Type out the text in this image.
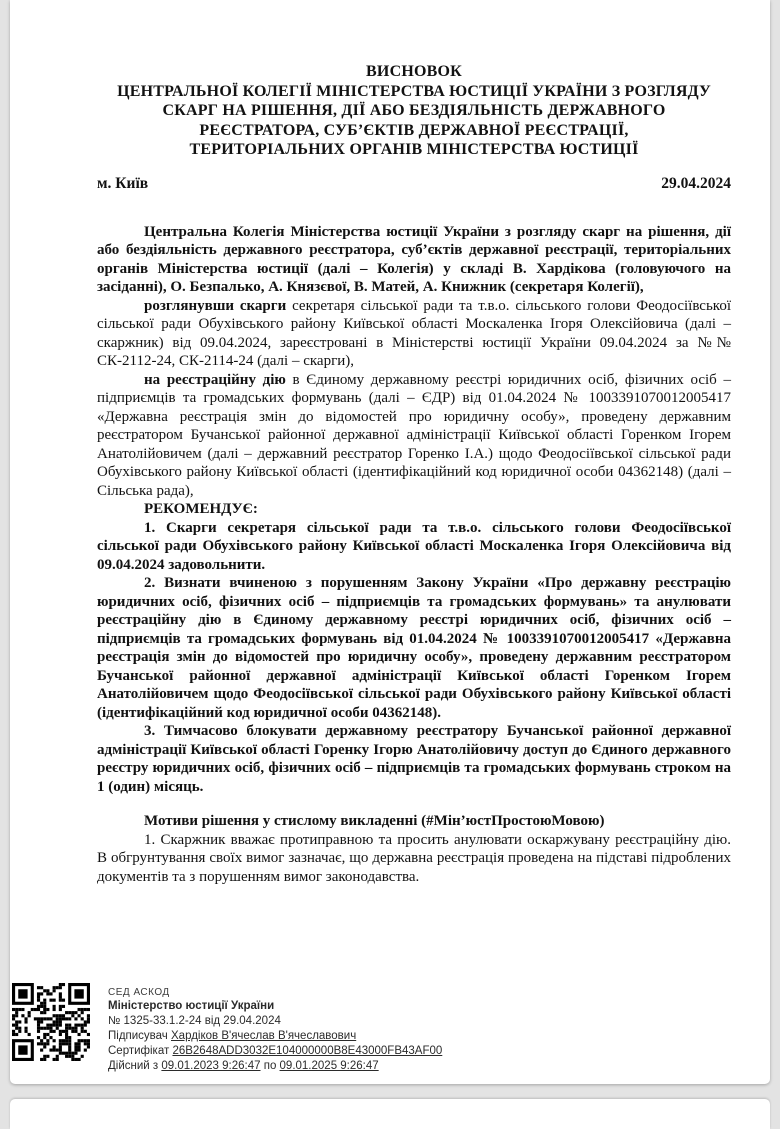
ВИСНОВОК
ЦЕНТРАЛЬНОЇ КОЛЕГІЇ МІНІСТЕРСТВА ЮСТИЦІЇ УКРАЇНИ З РОЗГЛЯДУ
СКАРГ НА РІШЕННЯ, ДІЇ АБО БЕЗДІЯЛЬНІСТЬ ДЕРЖАВНОГО
РЕЄСТРАТОРА, СУБ’ЄКТІВ ДЕРЖАВНОЇ РЕЄСТРАЦІЇ,
ТЕРИТОРІАЛЬНИХ ОРГАНІВ МІНІСТЕРСТВА ЮСТИЦІЇ
м. Київ	29.04.2024

Центральна Колегія Міністерства юстиції України з розгляду скарг на рішення, дії або бездіяльність державного реєстратора, суб’єктів державної реєстрації, територіальних органів Міністерства юстиції (далі – Колегія) у складі В. Хардікова (головуючого на засіданні), О. Безпалько, А. Князєвої, В. Матей, А. Книжник (секретаря Колегії),

розглянувши скарги секретаря сільської ради та т.в.о. сільського голови Феодосіївської сільської ради Обухівського району Київської області Москаленка Ігоря Олексійовича (далі – скаржник) від 09.04.2024, зареєстровані в Міністерстві юстиції України 09.04.2024 за №№ СК-2112-24, СК-2114-24 (далі – скарги),

на реєстраційну дію в Єдиному державному реєстрі юридичних осіб, фізичних осіб – підприємців та громадських формувань (далі – ЄДР) від 01.04.2024 № 1003391070012005417 «Державна реєстрація змін до відомостей про юридичну особу», проведену державним реєстратором Бучанської районної державної адміністрації Київської області Горенком Ігорем Анатолійовичем (далі – державний реєстратор Горенко І.А.) щодо Феодосіївської сільської ради Обухівського району Київської області (ідентифікаційний код юридичної особи 04362148) (далі – Сільська рада),

РЕКОМЕНДУЄ:

1. Скарги секретаря сільської ради та т.в.о. сільського голови Феодосіївської сільської ради Обухівського району Київської області Москаленка Ігоря Олексійовича від 09.04.2024 задовольнити.

2. Визнати вчиненою з порушенням Закону України «Про державну реєстрацію юридичних осіб, фізичних осіб – підприємців та громадських формувань» та анулювати реєстраційну дію в Єдиному державному реєстрі юридичних осіб, фізичних осіб – підприємців та громадських формувань від 01.04.2024 № 1003391070012005417 «Державна реєстрація змін до відомостей про юридичну особу», проведену державним реєстратором Бучанської районної державної адміністрації Київської області Горенком Ігорем Анатолійовичем щодо Феодосіївської сільської ради Обухівського району Київської області (ідентифікаційний код юридичної особи 04362148).

3. Тимчасово блокувати державному реєстратору Бучанської районної державної адміністрації Київської області Горенку Ігорю Анатолійовичу доступ до Єдиного державного реєстру юридичних осіб, фізичних осіб – підприємців та громадських формувань строком на 1 (один) місяць.

Мотиви рішення у стислому викладенні (#Мін’юстПростоюМовою)

1. Скаржник вважає протиправною та просить анулювати оскаржувану реєстраційну дію. В обгрунтування своїх вимог зазначає, що державна реєстрація проведена на підставі підроблених документів та з порушенням вимог законодавства.

СЕД АСКОД
Міністерство юстиції України
№ 1325-33.1.2-24 від 29.04.2024
Підписувач Хардіков В'ячеслав В'ячеславович
Сертифікат 26B2648ADD3032E104000000B8E43000FB43AF00
Дійсний з 09.01.2023 9:26:47 по 09.01.2025 9:26:47
